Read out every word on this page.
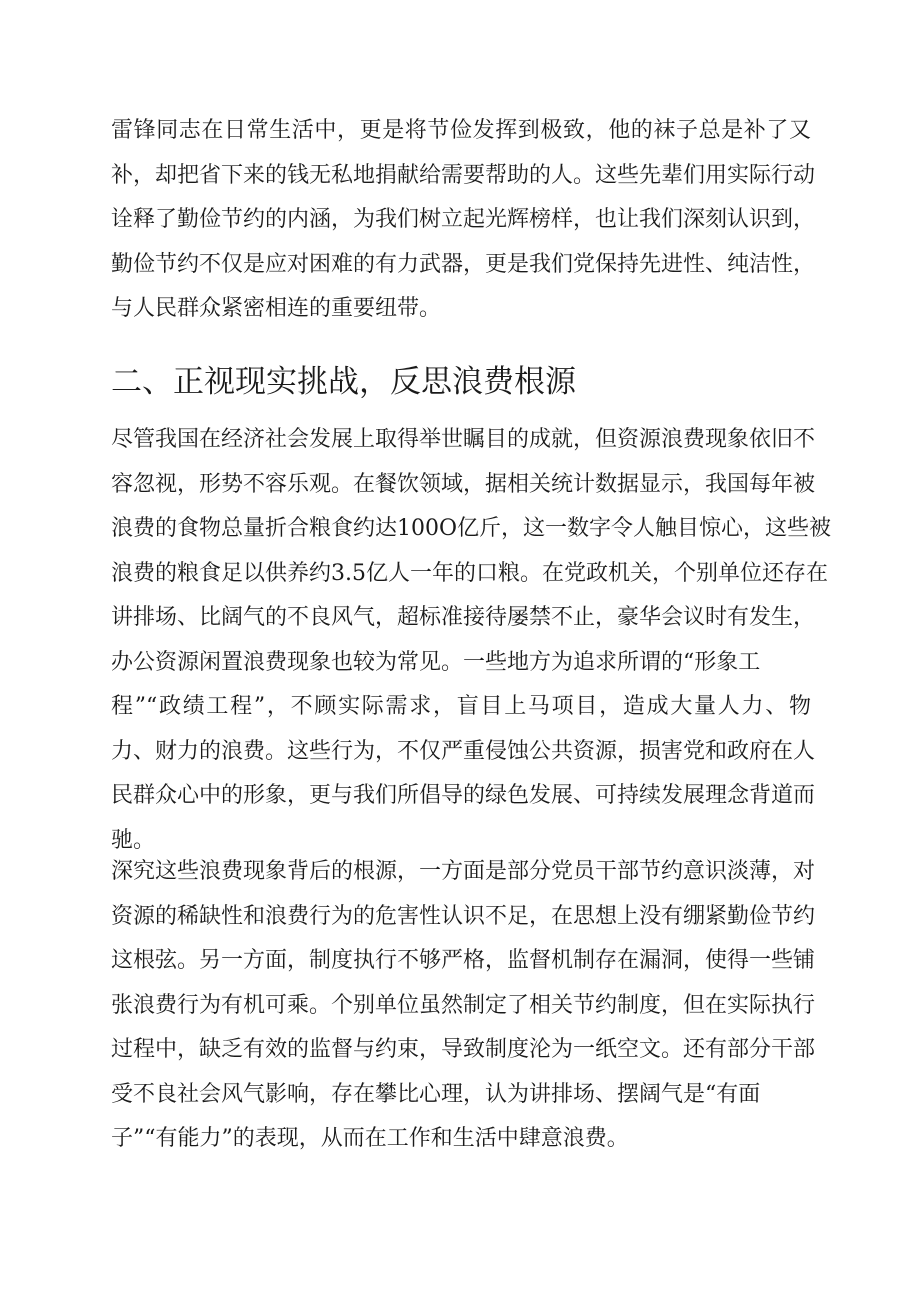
雷锋同志在日常生活中，更是将节俭发挥到极致，他的袜子总是补了又
补，却把省下来的钱无私地捐献给需要帮助的人。这些先辈们用实际行动
诠释了勤俭节约的内涵，为我们树立起光辉榜样，也让我们深刻认识到，
勤俭节约不仅是应对困难的有力武器，更是我们党保持先进性、纯洁性，
与人民群众紧密相连的重要纽带。
二、正视现实挑战，反思浪费根源
尽管我国在经济社会发展上取得举世瞩目的成就，但资源浪费现象依旧不
容忽视，形势不容乐观。在餐饮领域，据相关统计数据显示，我国每年被
浪费的食物总量折合粮食约达100O亿斤，这一数字令人触目惊心，这些被
浪费的粮食足以供养约3.5亿人一年的口粮。在党政机关，个别单位还存在
讲排场、比阔气的不良风气，超标准接待屡禁不止，豪华会议时有发生，
办公资源闲置浪费现象也较为常见。一些地方为追求所谓的“形象工
程”“政绩工程”，不顾实际需求，盲目上马项目，造成大量人力、物
力、财力的浪费。这些行为，不仅严重侵蚀公共资源，损害党和政府在人
民群众心中的形象，更与我们所倡导的绿色发展、可持续发展理念背道而
驰。
深究这些浪费现象背后的根源，一方面是部分党员干部节约意识淡薄，对
资源的稀缺性和浪费行为的危害性认识不足，在思想上没有绷紧勤俭节约
这根弦。另一方面，制度执行不够严格，监督机制存在漏洞，使得一些铺
张浪费行为有机可乘。个别单位虽然制定了相关节约制度，但在实际执行
过程中，缺乏有效的监督与约束，导致制度沦为一纸空文。还有部分干部
受不良社会风气影响，存在攀比心理，认为讲排场、摆阔气是“有面
子”“有能力”的表现，从而在工作和生活中肆意浪费。
